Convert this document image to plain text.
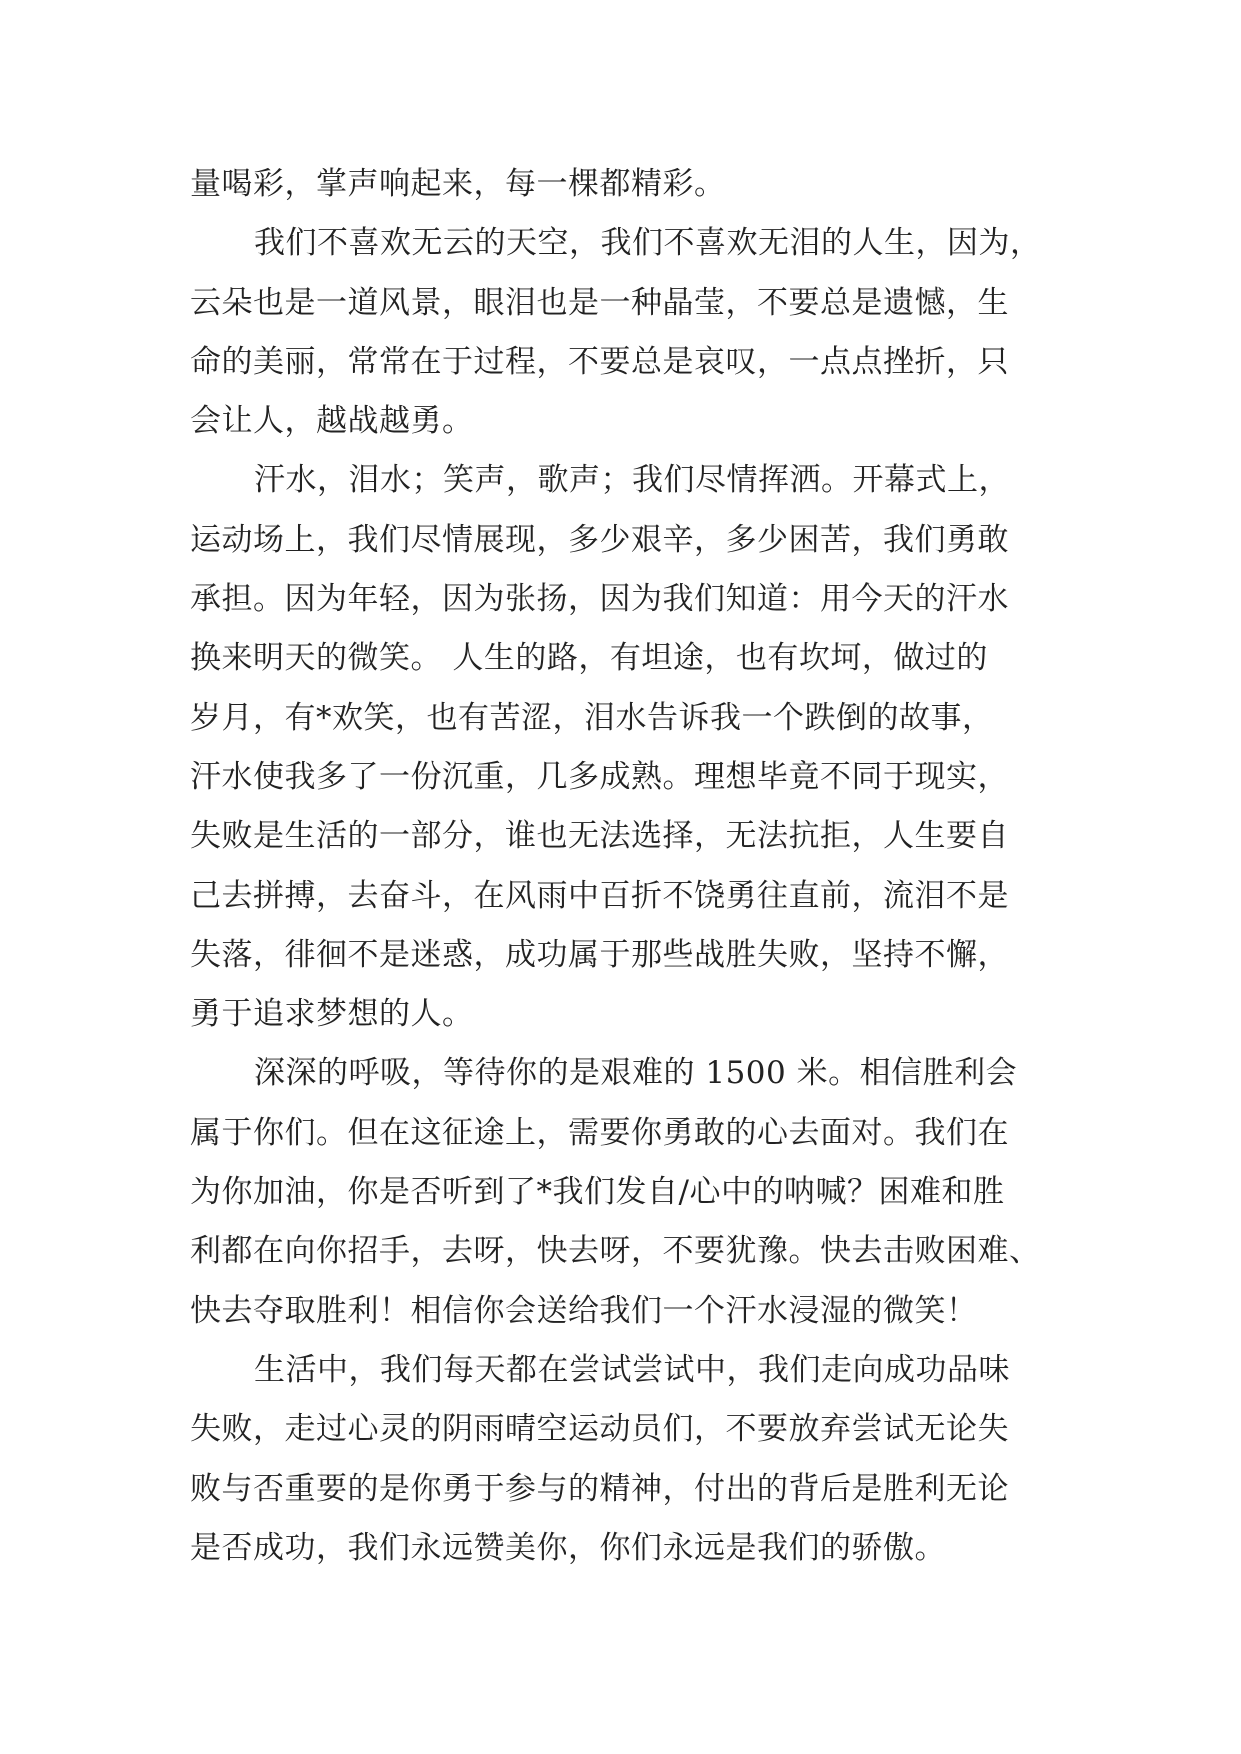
量喝彩，掌声响起来，每一棵都精彩。
我们不喜欢无云的天空，我们不喜欢无泪的人生，因为，
云朵也是一道风景，眼泪也是一种晶莹，不要总是遗憾，生
命的美丽，常常在于过程，不要总是哀叹，一点点挫折，只
会让人，越战越勇。
汗水，泪水；笑声，歌声；我们尽情挥洒。开幕式上，
运动场上，我们尽情展现，多少艰辛，多少困苦，我们勇敢
承担。因为年轻，因为张扬，因为我们知道：用今天的汗水
换来明天的微笑。 人生的路，有坦途，也有坎坷，做过的
岁月，有*欢笑，也有苦涩，泪水告诉我一个跌倒的故事，
汗水使我多了一份沉重，几多成熟。理想毕竟不同于现实，
失败是生活的一部分，谁也无法选择，无法抗拒，人生要自
己去拼搏，去奋斗，在风雨中百折不饶勇往直前，流泪不是
失落，徘徊不是迷惑，成功属于那些战胜失败，坚持不懈，
勇于追求梦想的人。
深深的呼吸，等待你的是艰难的 1500 米。相信胜利会
属于你们。但在这征途上，需要你勇敢的心去面对。我们在
为你加油，你是否听到了*我们发自/心中的呐喊？困难和胜
利都在向你招手，去呀，快去呀，不要犹豫。快去击败困难、
快去夺取胜利！相信你会送给我们一个汗水浸湿的微笑！
生活中，我们每天都在尝试尝试中，我们走向成功品味
失败，走过心灵的阴雨晴空运动员们，不要放弃尝试无论失
败与否重要的是你勇于参与的精神，付出的背后是胜利无论
是否成功，我们永远赞美你，你们永远是我们的骄傲。
